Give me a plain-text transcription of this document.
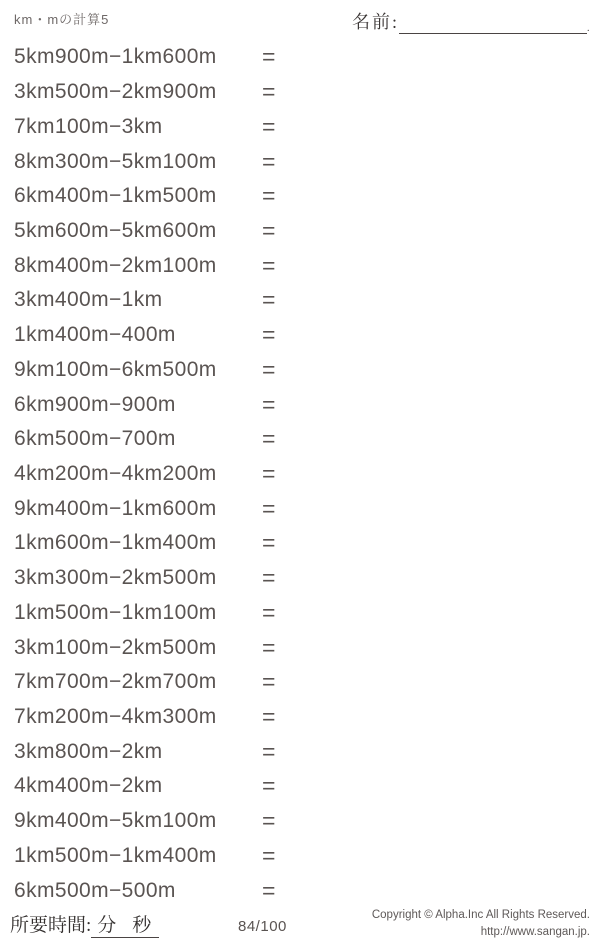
km・mの計算5	名前:	.
5km900m−1km600m =
3km500m−2km900m =
7km100m−3km	=
8km300m−5km100m =
6km400m−1km500m =
5km600m−5km600m =
8km400m−2km100m =
3km400m−1km	=
1km400m−400m	=
9km100m−6km500m =
6km900m−900m	=
6km500m−700m	=
4km200m−4km200m =
9km400m−1km600m =
1km600m−1km400m =
3km300m−2km500m =
1km500m−1km100m =
3km100m−2km500m =
7km700m−2km700m =
7km200m−4km300m =
3km800m−2km	=
4km400m−2km	=
9km400m−5km100m =
1km500m−1km400m =
6km500m−500m	=
所要時間: 分 秒	84/100
Copyright © Alpha.Inc All Rights Reserved.
http://www.sangan.jp.
